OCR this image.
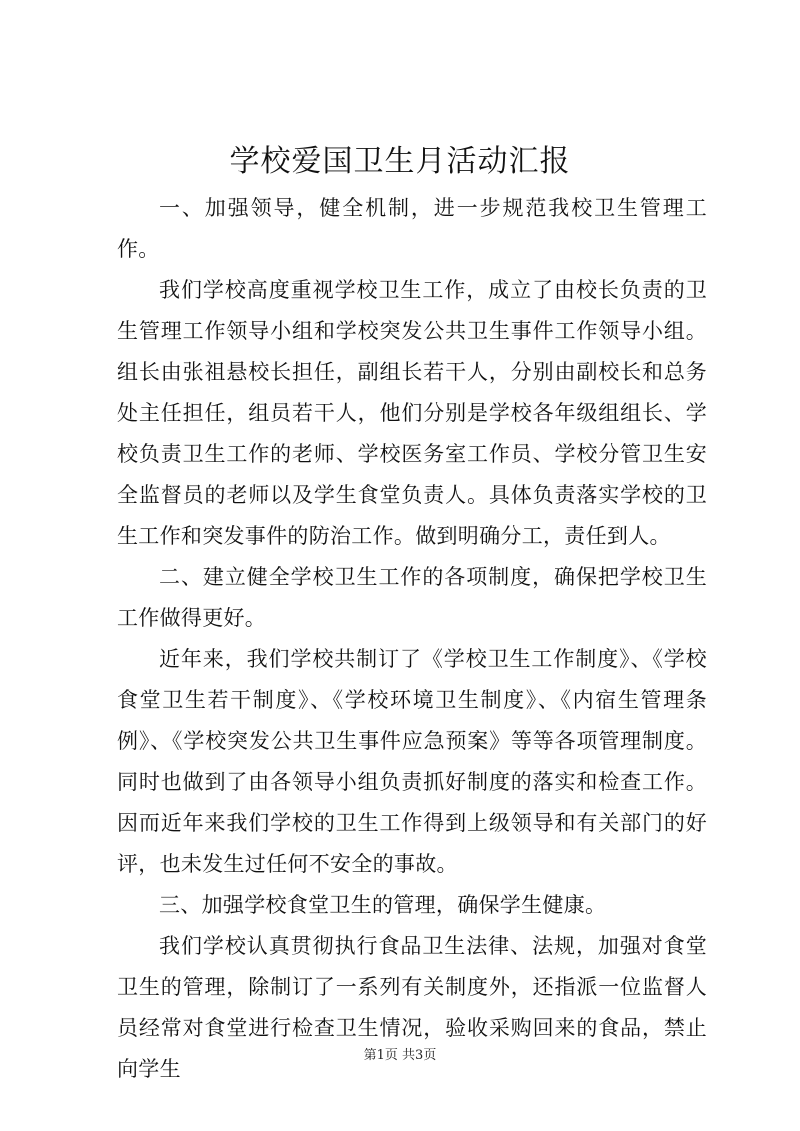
学校爱国卫生月活动汇报

一、加强领导，健全机制，进一步规范我校卫生管理工作。

我们学校高度重视学校卫生工作，成立了由校长负责的卫生管理工作领导小组和学校突发公共卫生事件工作领导小组。组长由张祖悬校长担任，副组长若干人，分别由副校长和总务处主任担任，组员若干人，他们分别是学校各年级组组长、学校负责卫生工作的老师、学校医务室工作员、学校分管卫生安全监督员的老师以及学生食堂负责人。具体负责落实学校的卫生工作和突发事件的防治工作。做到明确分工，责任到人。

二、建立健全学校卫生工作的各项制度，确保把学校卫生工作做得更好。

近年来，我们学校共制订了《学校卫生工作制度》、《学校食堂卫生若干制度》、《学校环境卫生制度》、《内宿生管理条例》、《学校突发公共卫生事件应急预案》等等各项管理制度。同时也做到了由各领导小组负责抓好制度的落实和检查工作。因而近年来我们学校的卫生工作得到上级领导和有关部门的好评，也未发生过任何不安全的事故。

三、加强学校食堂卫生的管理，确保学生健康。

我们学校认真贯彻执行食品卫生法律、法规，加强对食堂卫生的管理，除制订了一系列有关制度外，还指派一位监督人员经常对食堂进行检查卫生情况，验收采购回来的食品，禁止向学生

第1页 共3页
